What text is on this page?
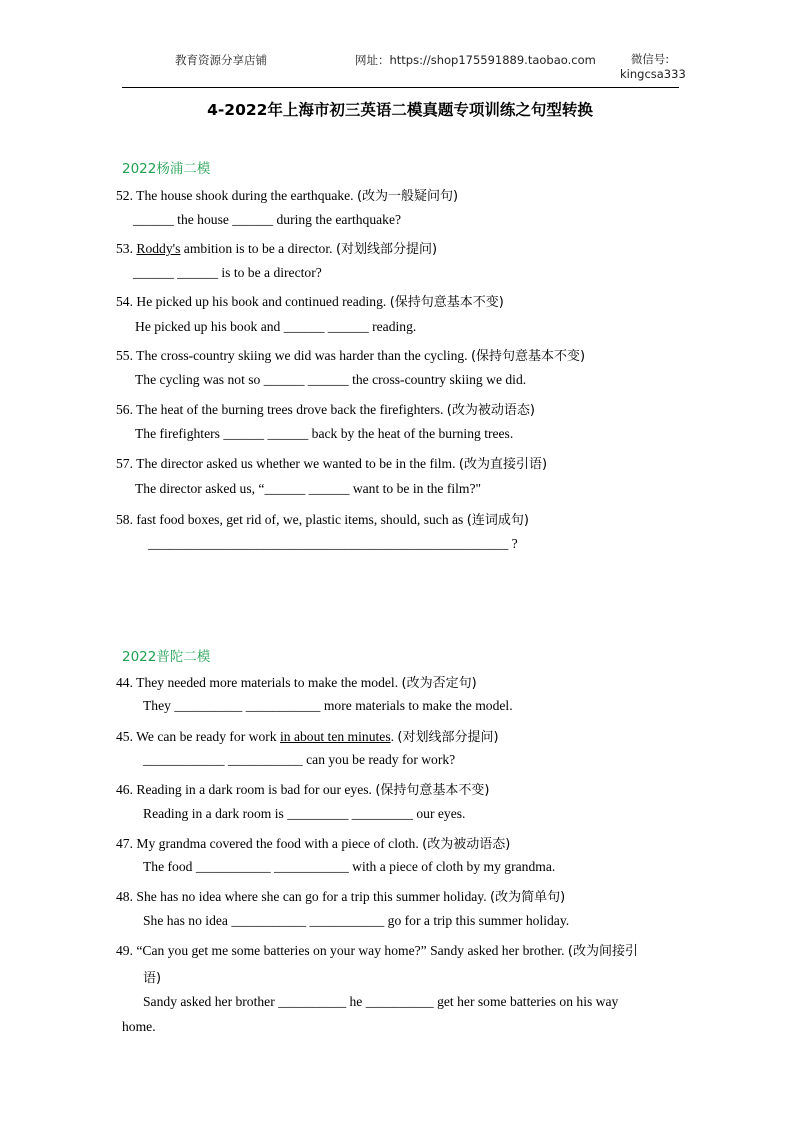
教育资源分享店铺	网址：https://shop175591889.taobao.com	微信号:
kingcsa333
4-2022年上海市初三英语二模真题专项训练之句型转换
2022杨浦二模
52. The house shook during the earthquake. (改为一般疑问句)
______ the house ______ during the earthquake?
53. Roddy's ambition is to be a director. (对划线部分提问)
______ ______ is to be a director?
54. He picked up his book and continued reading. (保持句意基本不变)
He picked up his book and ______ ______ reading.
55. The cross-country skiing we did was harder than the cycling. (保持句意基本不变)
The cycling was not so ______ ______ the cross-country skiing we did.
56. The heat of the burning trees drove back the firefighters. (改为被动语态)
The firefighters ______ ______ back by the heat of the burning trees.
57. The director asked us whether we wanted to be in the film. (改为直接引语)
The director asked us, “______ ______ want to be in the film?"
58. fast food boxes, get rid of, we, plastic items, should, such as (连词成句)
_____________________________________________________ ?
2022普陀二模
44. They needed more materials to make the model. (改为否定句)
They __________ ___________ more materials to make the model.
45. We can be ready for work in about ten minutes. (对划线部分提问)
____________ ___________ can you be ready for work?
46. Reading in a dark room is bad for our eyes. (保持句意基本不变)
Reading in a dark room is _________ _________ our eyes.
47. My grandma covered the food with a piece of cloth. (改为被动语态)
The food ___________ ___________ with a piece of cloth by my grandma.
48. She has no idea where she can go for a trip this summer holiday. (改为简单句)
She has no idea ___________ ___________ go for a trip this summer holiday.
49. “Can you get me some batteries on your way home?” Sandy asked her brother. (改为间接引
语)
Sandy asked her brother __________ he __________ get her some batteries on his way
home.
